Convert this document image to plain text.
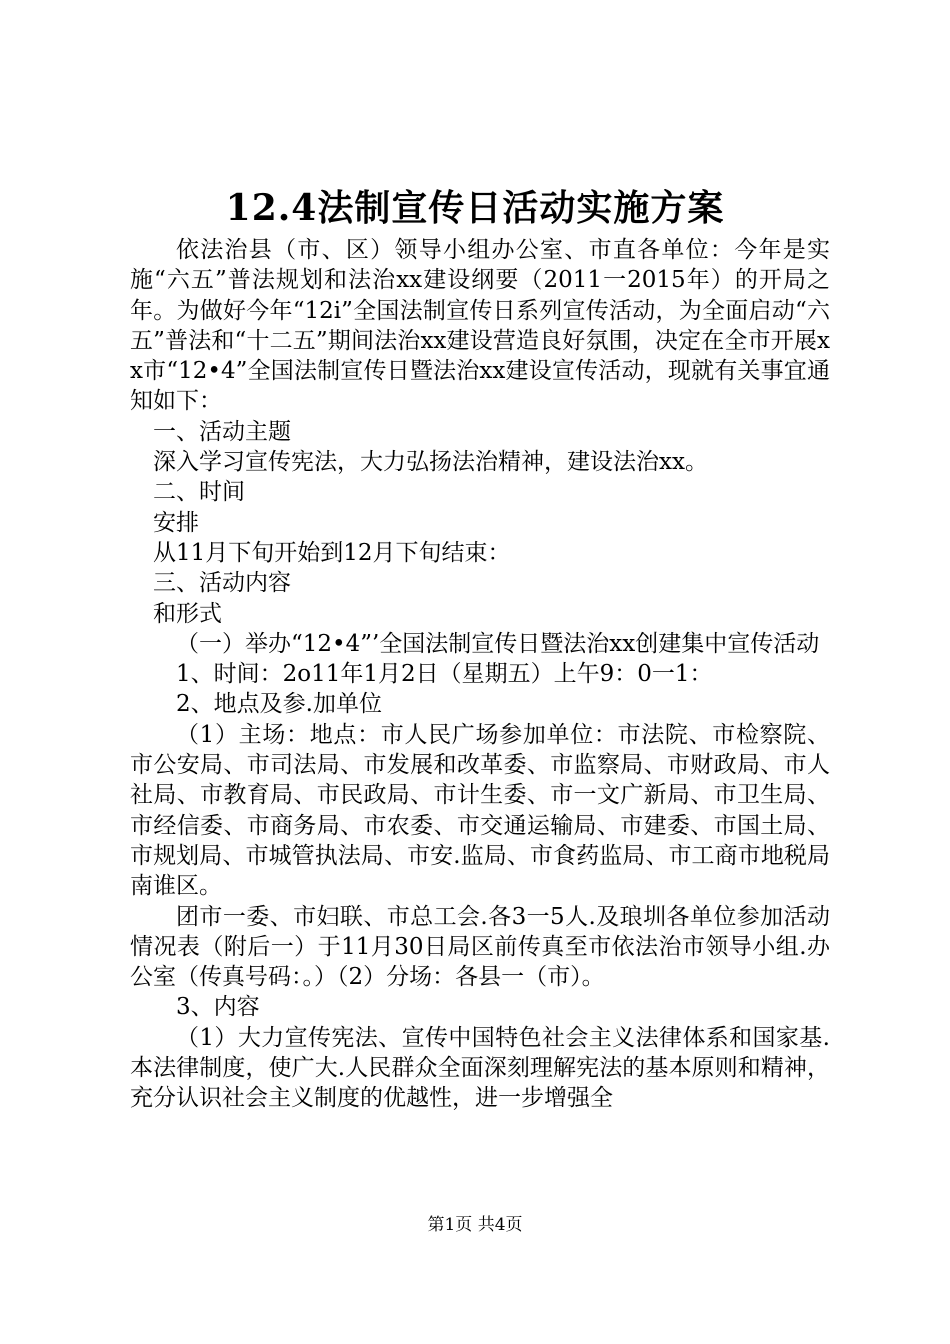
12.4法制宣传日活动实施方案

依法治县（市、区）领导小组办公室、市直各单位：今年是实施“六五”普法规划和法治xx建设纲要（2011一2015年）的开局之年。为做好今年“12i”全国法制宣传日系列宣传活动，为全面启动“六五”普法和“十二五”期间法治xx建设营造良好氛围，决定在全市开展xx市“12•4”全国法制宣传日暨法治xx建设宣传活动，现就有关事宜通知如下：

一、活动主题

深入学习宣传宪法，大力弘扬法治精神，建设法治xx。

二、时间

安排

从11月下旬开始到12月下旬结束：

三、活动内容

和形式

（一）举办“12•4”’全国法制宣传日暨法治xx创建集中宣传活动

1、时间：2o11年1月2日（星期五）上午9：0一1：

2、地点及参.加单位

（1）主场：地点：市人民广场参加单位：市法院、市检察院、市公安局、市司法局、市发展和改革委、市监察局、市财政局、市人社局、市教育局、市民政局、市计生委、市一文广新局、市卫生局、市经信委、市商务局、市农委、市交通运输局、市建委、市国土局、市规划局、市城管执法局、市安.监局、市食药监局、市工商市地税局南谁区。

团市一委、市妇联、市总工会.各3一5人.及琅圳各单位参加活动情况表（附后一）于11月30日局区前传真至市依法治市领导小组.办公室（传真号码：。）（2）分场：各县一（市）。

3、内容

（1）大力宣传宪法、宣传中国特色社会主义法律体系和国家基.本法律制度，使广大.人民群众全面深刻理解宪法的基本原则和精神，充分认识社会主义制度的优越性，进一步增强全

第1页 共4页
